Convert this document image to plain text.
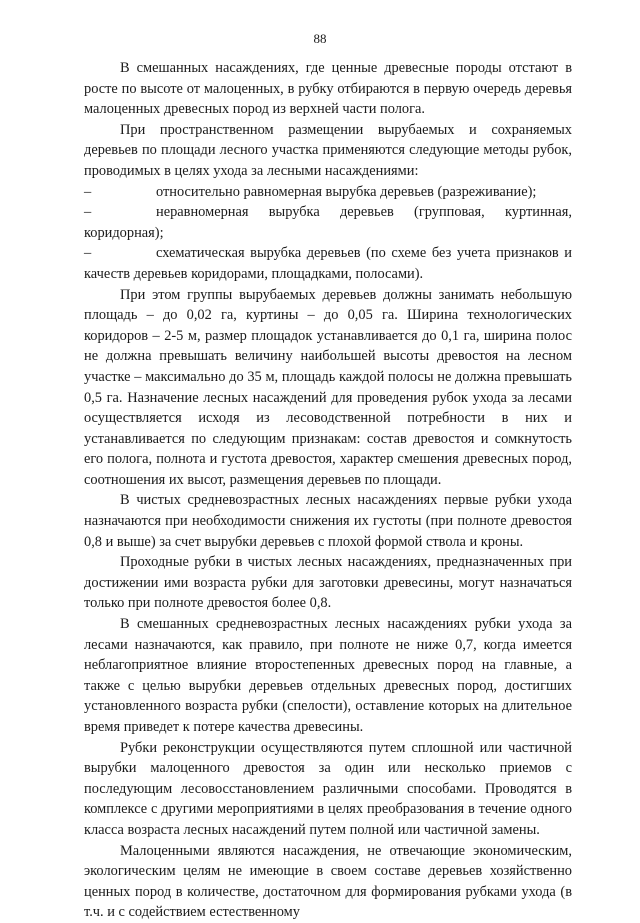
88

В смешанных насаждениях, где ценные древесные породы отстают в росте по высоте от малоценных, в рубку отбираются в первую очередь деревья малоценных древесных пород из верхней части полога.

При пространственном размещении вырубаемых и сохраняемых деревьев по площади лесного участка применяются следующие методы рубок, проводимых в целях ухода за лесными насаждениями:

–	относительно равномерная вырубка деревьев (разреживание);

–	неравномерная вырубка деревьев (групповая, куртинная, коридорная);

–	схематическая вырубка деревьев (по схеме без учета признаков и качеств деревьев коридорами, площадками, полосами).

При этом группы вырубаемых деревьев должны занимать небольшую площадь – до 0,02 га, куртины – до 0,05 га. Ширина технологических коридоров – 2-5 м, размер площадок устанавливается до 0,1 га, ширина полос не должна превышать величину наибольшей высоты древостоя на лесном участке – максимально до 35 м, площадь каждой полосы не должна превышать 0,5 га. Назначение лесных насаждений для проведения рубок ухода за лесами осуществляется исходя из лесоводственной потребности в них и устанавливается по следующим признакам: состав древостоя и сомкнутость его полога, полнота и густота древостоя, характер смешения древесных пород, соотношения их высот, размещения деревьев по площади.

В чистых средневозрастных лесных насаждениях первые рубки ухода назначаются при необходимости снижения их густоты (при полноте древостоя 0,8 и выше) за счет вырубки деревьев с плохой формой ствола и кроны.

Проходные рубки в чистых лесных насаждениях, предназначенных при достижении ими возраста рубки для заготовки древесины, могут назначаться только при полноте древостоя более 0,8.

В смешанных средневозрастных лесных насаждениях рубки ухода за лесами назначаются, как правило, при полноте не ниже 0,7, когда имеется неблагоприятное влияние второстепенных древесных пород на главные, а также с целью вырубки деревьев отдельных древесных пород, достигших установленного возраста рубки (спелости), оставление которых на длительное время приведет к потере качества древесины.

Рубки реконструкции осуществляются путем сплошной или частичной вырубки малоценного древостоя за один или несколько приемов с последующим лесовосстановлением различными способами. Проводятся в комплексе с другими мероприятиями в целях преобразования в течение одного класса возраста лесных насаждений путем полной или частичной замены.

Малоценными являются насаждения, не отвечающие экономическим, экологическим целям не имеющие в своем составе деревьев хозяйственно ценных пород в количестве, достаточном для формирования рубками ухода (в т.ч. и с содействием естественному
